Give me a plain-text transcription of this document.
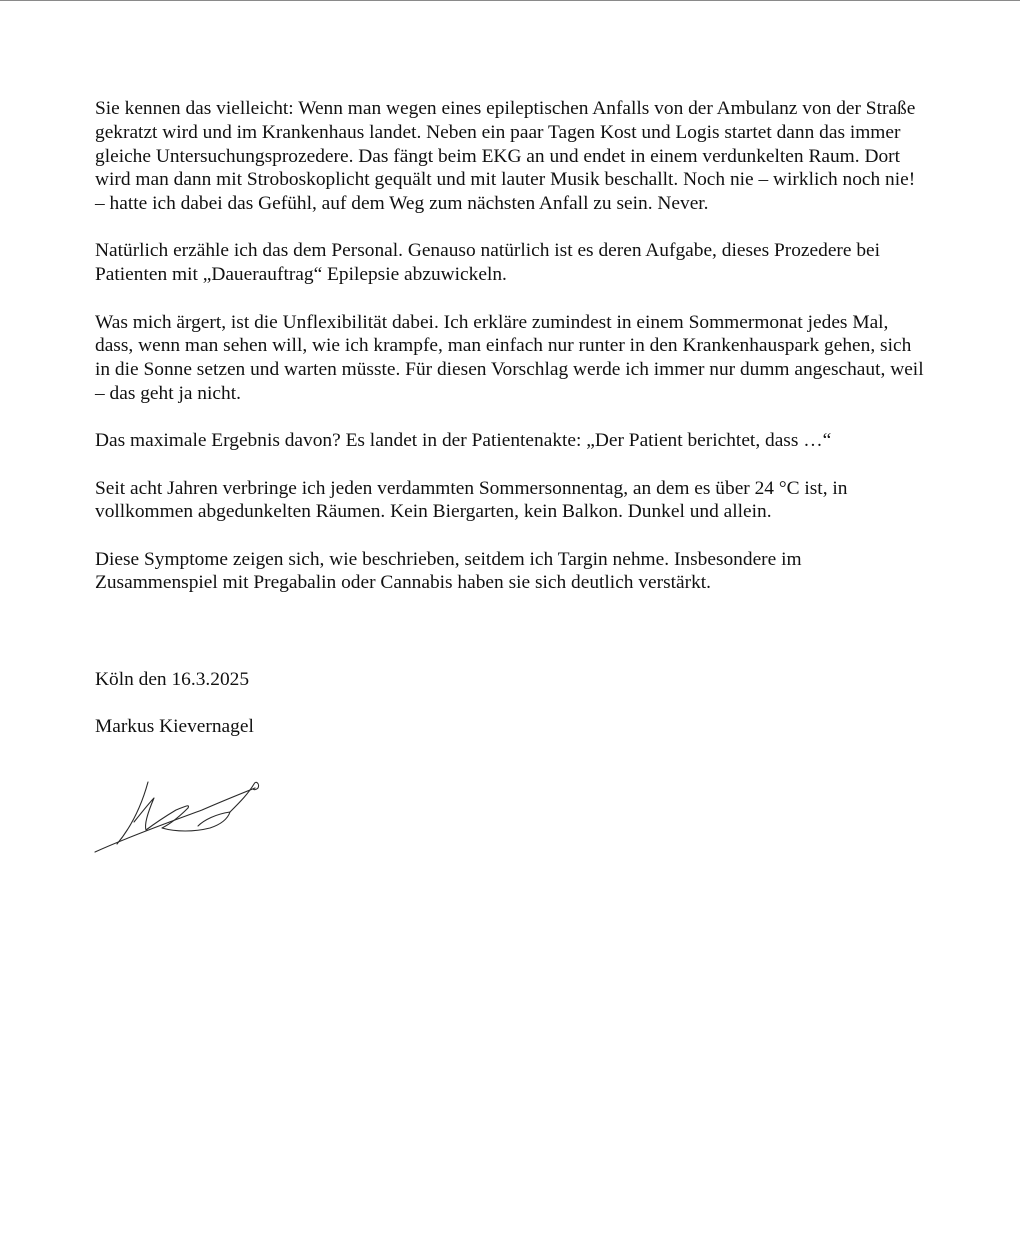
Sie kennen das vielleicht: Wenn man wegen eines epileptischen Anfalls von der Ambulanz von der Straße gekratzt wird und im Krankenhaus landet. Neben ein paar Tagen Kost und Logis startet dann das immer gleiche Untersuchungsprozedere. Das fängt beim EKG an und endet in einem verdunkelten Raum. Dort wird man dann mit Stroboskoplicht gequält und mit lauter Musik beschallt. Noch nie – wirklich noch nie! – hatte ich dabei das Gefühl, auf dem Weg zum nächsten Anfall zu sein. Never.

Natürlich erzähle ich das dem Personal. Genauso natürlich ist es deren Aufgabe, dieses Prozedere bei Patienten mit „Dauerauftrag“ Epilepsie abzuwickeln.

Was mich ärgert, ist die Unflexibilität dabei. Ich erkläre zumindest in einem Sommermonat jedes Mal, dass, wenn man sehen will, wie ich krampfe, man einfach nur runter in den Krankenhauspark gehen, sich in die Sonne setzen und warten müsste. Für diesen Vorschlag werde ich immer nur dumm angeschaut, weil – das geht ja nicht.

Das maximale Ergebnis davon? Es landet in der Patientenakte: „Der Patient berichtet, dass …“

Seit acht Jahren verbringe ich jeden verdammten Sommersonnentag, an dem es über 24 °C ist, in vollkommen abgedunkelten Räumen. Kein Biergarten, kein Balkon. Dunkel und allein.

Diese Symptome zeigen sich, wie beschrieben, seitdem ich Targin nehme. Insbesondere im Zusammenspiel mit Pregabalin oder Cannabis haben sie sich deutlich verstärkt.

Köln den 16.3.2025

Markus Kievernagel
